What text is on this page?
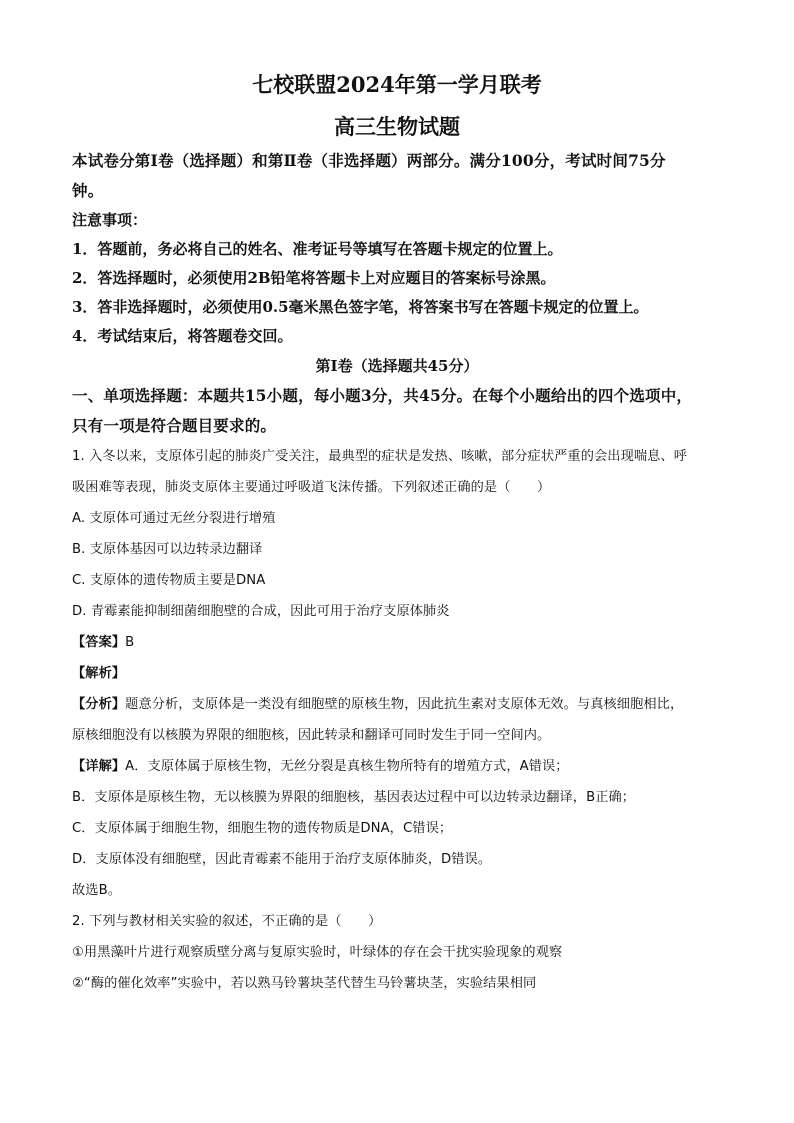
七校联盟2024年第一学月联考

高三生物试题

本试卷分第Ⅰ卷（选择题）和第Ⅱ卷（非选择题）两部分。满分100分，考试时间75分

钟。

注意事项：

1．答题前，务必将自己的姓名、准考证号等填写在答题卡规定的位置上。

2．答选择题时，必须使用2B铅笔将答题卡上对应题目的答案标号涂黑。

3．答非选择题时，必须使用0.5毫米黑色签字笔，将答案书写在答题卡规定的位置上。

4．考试结束后，将答题卷交回。

第Ⅰ卷（选择题共45分）

一、单项选择题：本题共15小题，每小题3分，共45分。在每个小题给出的四个选项中，

只有一项是符合题目要求的。

1. 入冬以来，支原体引起的肺炎广受关注，最典型的症状是发热、咳嗽，部分症状严重的会出现喘息、呼

吸困难等表现，肺炎支原体主要通过呼吸道飞沫传播。下列叙述正确的是（　　）

A. 支原体可通过无丝分裂进行增殖

B. 支原体基因可以边转录边翻译

C. 支原体的遗传物质主要是DNA

D. 青霉素能抑制细菌细胞壁的合成，因此可用于治疗支原体肺炎

【答案】B

【解析】

【分析】题意分析，支原体是一类没有细胞壁的原核生物，因此抗生素对支原体无效。与真核细胞相比，

原核细胞没有以核膜为界限的细胞核，因此转录和翻译可同时发生于同一空间内。

【详解】A．支原体属于原核生物，无丝分裂是真核生物所特有的增殖方式，A错误；

B．支原体是原核生物，无以核膜为界限的细胞核，基因表达过程中可以边转录边翻译，B正确；

C．支原体属于细胞生物，细胞生物的遗传物质是DNA，C错误；

D．支原体没有细胞壁，因此青霉素不能用于治疗支原体肺炎，D错误。

故选B。

2. 下列与教材相关实验的叙述，不正确的是（　　）

①用黑藻叶片进行观察质壁分离与复原实验时，叶绿体的存在会干扰实验现象的观察

②“酶的催化效率”实验中，若以熟马铃薯块茎代替生马铃薯块茎，实验结果相同
